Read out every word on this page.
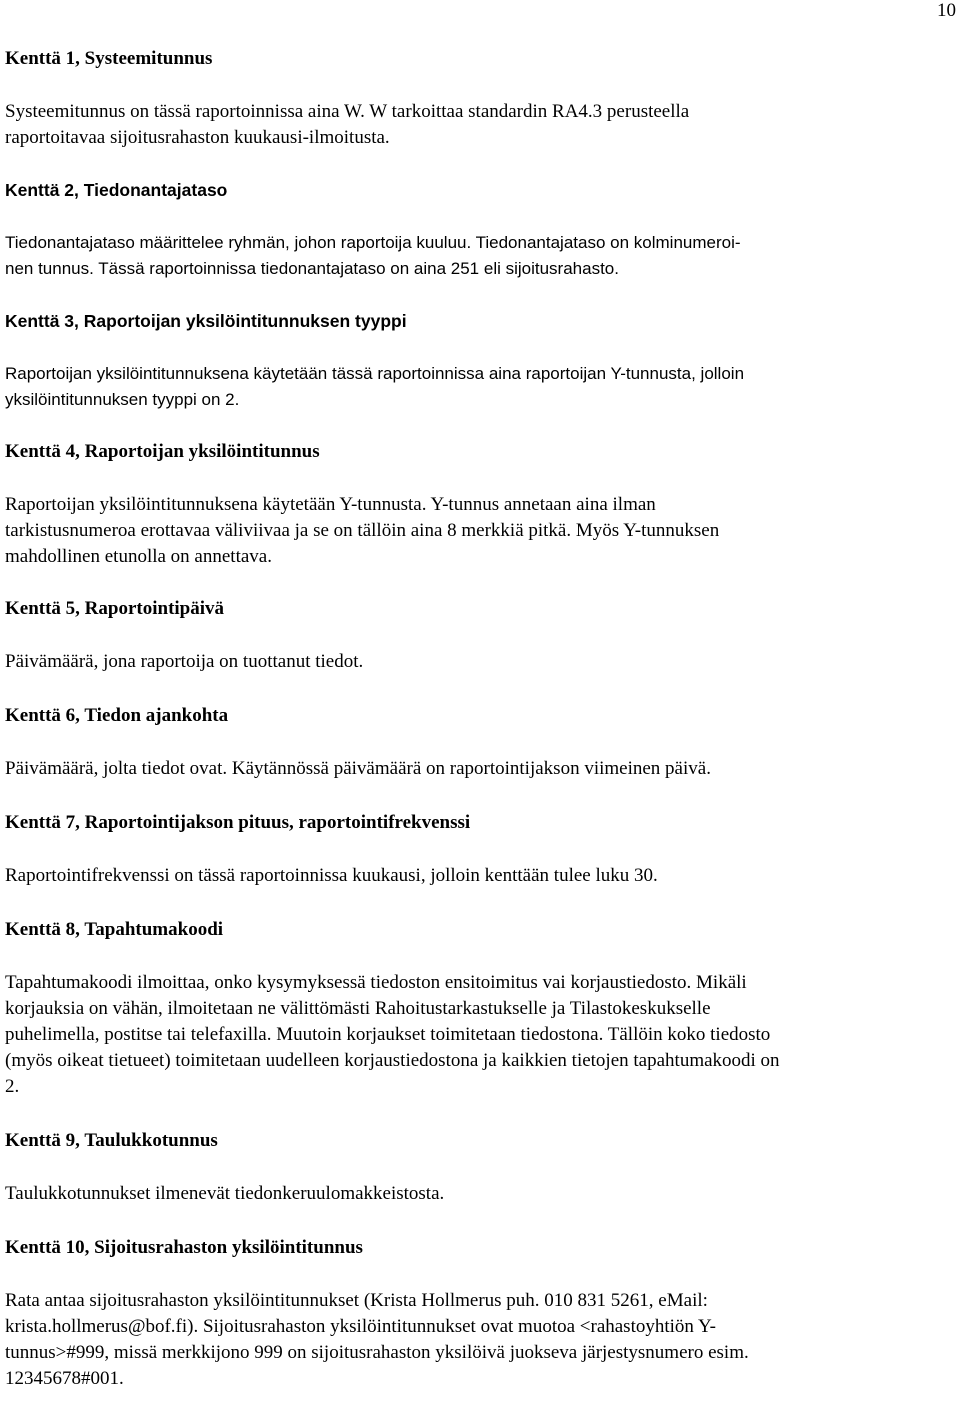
10

Kenttä 1, Systeemitunnus

Systeemitunnus on tässä raportoinnissa aina W. W tarkoittaa standardin RA4.3 perusteella

raportoitavaa sijoitusrahaston kuukausi-ilmoitusta.

Kenttä 2, Tiedonantajataso

Tiedonantajataso määrittelee ryhmän, johon raportoija kuuluu. Tiedonantajataso on kolminumeroi-

nen tunnus. Tässä raportoinnissa tiedonantajataso on aina 251 eli sijoitusrahasto.

Kenttä 3, Raportoijan yksilöintitunnuksen tyyppi

Raportoijan yksilöintitunnuksena käytetään tässä raportoinnissa aina raportoijan Y-tunnusta, jolloin

yksilöintitunnuksen tyyppi on 2.

Kenttä 4, Raportoijan yksilöintitunnus

Raportoijan yksilöintitunnuksena käytetään Y-tunnusta. Y-tunnus annetaan aina ilman

tarkistusnumeroa erottavaa väliviivaa ja se on tällöin aina 8 merkkiä pitkä. Myös Y-tunnuksen

mahdollinen etunolla on annettava.

Kenttä 5, Raportointipäivä

Päivämäärä, jona raportoija on tuottanut tiedot.

Kenttä 6, Tiedon ajankohta

Päivämäärä, jolta tiedot ovat. Käytännössä päivämäärä on raportointijakson viimeinen päivä.

Kenttä 7, Raportointijakson pituus, raportointifrekvenssi

Raportointifrekvenssi on tässä raportoinnissa kuukausi, jolloin kenttään tulee luku 30.

Kenttä 8, Tapahtumakoodi

Tapahtumakoodi ilmoittaa, onko kysymyksessä tiedoston ensitoimitus vai korjaustiedosto. Mikäli

korjauksia on vähän, ilmoitetaan ne välittömästi Rahoitustarkastukselle ja Tilastokeskukselle

puhelimella, postitse tai telefaxilla. Muutoin korjaukset toimitetaan tiedostona. Tällöin koko tiedosto

(myös oikeat tietueet) toimitetaan uudelleen korjaustiedostona ja kaikkien tietojen tapahtumakoodi on

2.

Kenttä 9, Taulukkotunnus

Taulukkotunnukset ilmenevät tiedonkeruulomakkeistosta.

Kenttä 10, Sijoitusrahaston yksilöintitunnus

Rata antaa sijoitusrahaston yksilöintitunnukset (Krista Hollmerus puh. 010 831 5261, eMail:

krista.hollmerus@bof.fi). Sijoitusrahaston yksilöintitunnukset ovat muotoa <rahastoyhtiön Y-

tunnus>#999, missä merkkijono 999 on sijoitusrahaston yksilöivä juokseva järjestysnumero esim.

12345678#001.
